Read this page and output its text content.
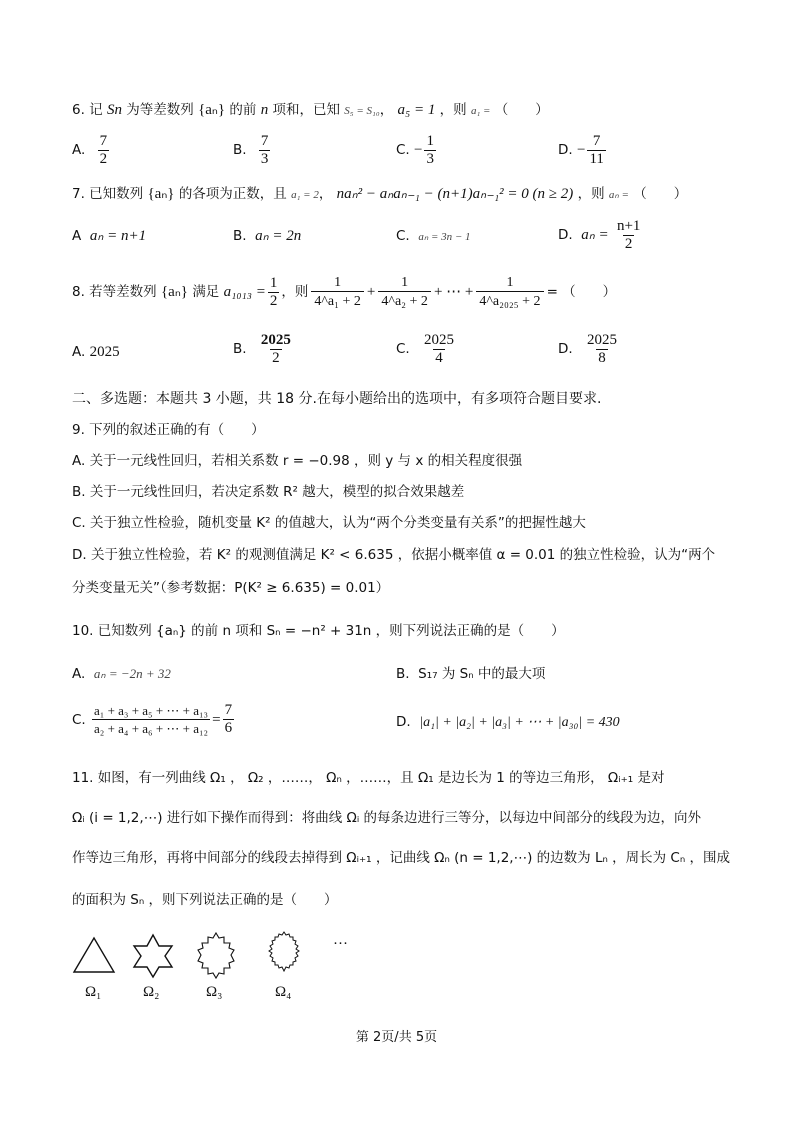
6. 记 Sn 为等差数列 {aₙ} 的前 n 项和，已知 S₅ = S₁₀， a₅ = 1 ，则 a₁ = （　　）
A. $\frac{7}{2}$	B. $\frac{7}{3}$	C. − $\frac{1}{3}$	D. − $\frac{7}{11}$
7. 已知数列 {aₙ} 的各项为正数，且 a₁ = 2， naₙ² − aₙaₙ₋₁ − (n+1)aₙ₋₁² = 0 (n ≥ 2) ，则 aₙ = （　　）
A aₙ = n+1	B. aₙ = 2n	C. aₙ = 3n − 1	D. $a_n = \frac{n+1}{2}$
8. 若等差数列
{aₙ}
满足
$a_{1013} = \frac{1}{2}$ ，则
1
4^a₁ + 2
+ $\frac{1}{\text{4\textasciicircum{}a₂ + 2}}$ + ⋯ + $\frac{1}{\text{4\textasciicircum{}a₂₀₂₅ + 2}}$ = （　　）
A. 2025	B. $\frac{2025}{2}$	C. $\frac{2025}{4}$	D. $\frac{2025}{8}$
二、多选题：本题共 3 小题，共 18 分.在每小题给出的选项中，有多项符合题目要求.
9. 下列的叙述正确的有（　　）
A. 关于一元线性回归，若相关系数 r = −0.98 ，则 y 与 x 的相关程度很强
B. 关于一元线性回归，若决定系数 R² 越大，模型的拟合效果越差
C. 关于独立性检验，随机变量 K² 的值越大，认为“两个分类变量有关系”的把握性越大
D. 关于独立性检验，若 K² 的观测值满足 K² < 6.635 ，依据小概率值 α = 0.01 的独立性检验，认为“两个
分类变量无关”（参考数据：P(K² ≥ 6.635) = 0.01）
10. 已知数列 {aₙ} 的前 n 项和 Sₙ = −n² + 31n ，则下列说法正确的是（　　）
A. aₙ = −2n + 32	B. S₁₇ 为 Sₙ 中的最大项
C.
$\frac{\text{a₁ + a₃ + a₅ + ⋯ + a₁₃}}{\text{a₂ + a₄ + a₆ + ⋯ + a₁₂}} = \frac{7}{6}$	D. |a₁| + |a₂| + |a₃| + ⋯ + |a₃₀| = 430
11. 如图，有一列曲线 Ω₁ ， Ω₂ ，……， Ωₙ ，……，且 Ω₁ 是边长为 1 的等边三角形， Ωᵢ₊₁ 是对
Ωᵢ (i = 1,2,⋯) 进行如下操作而得到：将曲线 Ωᵢ 的每条边进行三等分，以每边中间部分的线段为边，向外
作等边三角形，再将中间部分的线段去掉得到 Ωᵢ₊₁ ，记曲线 Ωₙ (n = 1,2,⋯) 的边数为 Lₙ ，周长为 Cₙ ，围成
的面积为 Sₙ ，则下列说法正确的是（　　）
···
Ω₁	Ω₂	Ω₃	Ω₄
第 2页/共 5页
